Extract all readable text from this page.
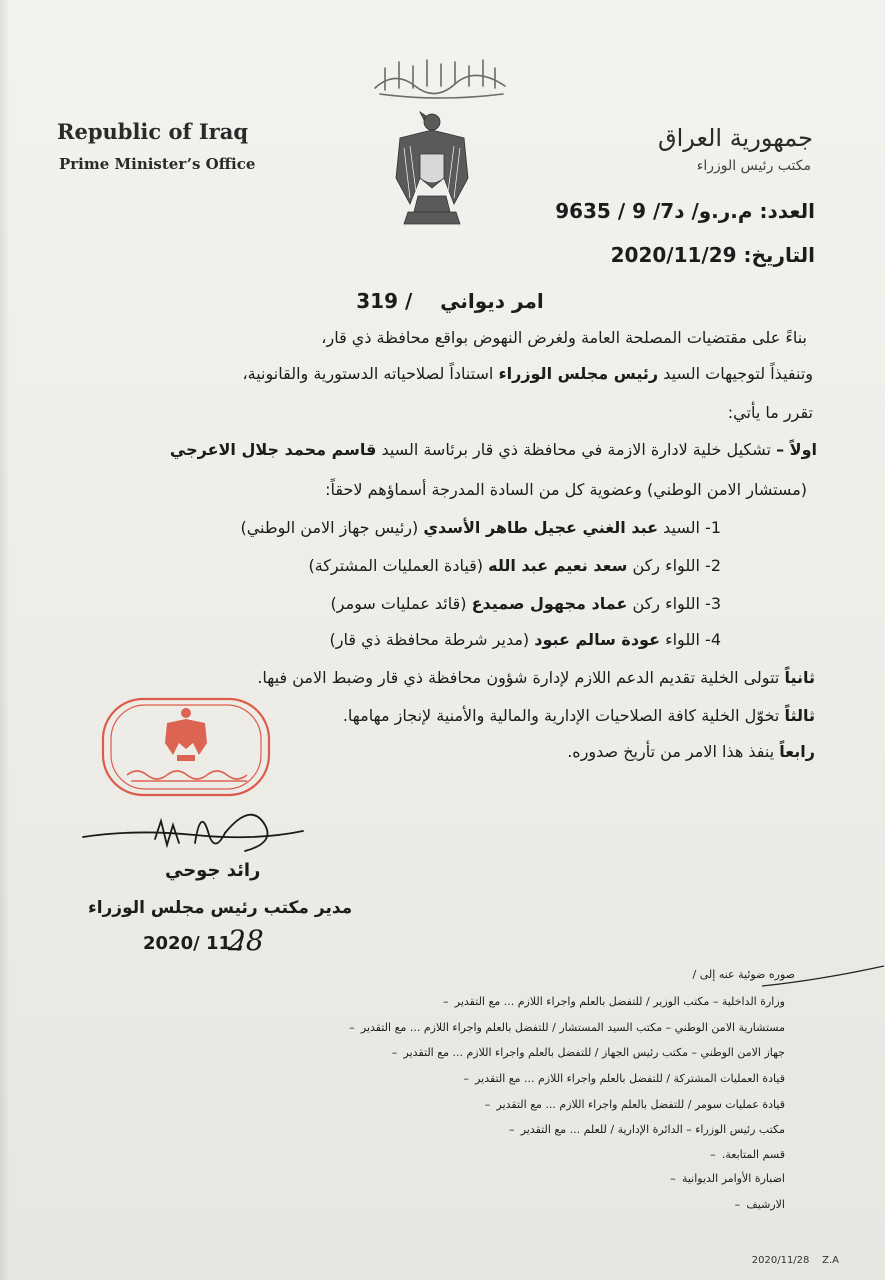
Republic of Iraq
Prime Minister’s Office
جمهورية العراق
مكتب رئيس الوزراء
العدد: م.ر.و/ د7/ 9 / 9635
التاريخ: 2020/11/29
امر ديواني    / 319
بناءً على مقتضيات المصلحة العامة ولغرض النهوض بواقع محافظة ذي قار،
وتنفيذاً لتوجيهات السيد رئيس مجلس الوزراء استناداً لصلاحياته الدستورية والقانونية،
تقرر ما يأتي:
اولاً – تشكيل خلية لادارة الازمة في محافظة ذي قار برئاسة السيد قاسم محمد جلال الاعرجي
(مستشار الامن الوطني) وعضوية كل من السادة المدرجة أسماؤهم لاحقاً:
1- السيد عبد الغني عجيل طاهر الأسدي (رئيس جهاز الامن الوطني)
2- اللواء ركن سعد نعيم عبد الله (قيادة العمليات المشتركة)
3- اللواء ركن عماد مجهول صميدع (قائد عمليات سومر)
4- اللواء عودة سالم عبود (مدير شرطة محافظة ذي قار)
ثانياً تتولى الخلية تقديم الدعم اللازم لإدارة شؤون محافظة ذي قار وضبط الامن فيها.
ثالثاً تخوّل الخلية كافة الصلاحيات الإدارية والمالية والأمنية لإنجاز مهامها.
رابعاً ينفذ هذا الامر من تأريخ صدوره.
رائد جوحي
مدير مكتب رئيس مجلس الوزراء
2020/ 11 /
28
صوره ضوئية عنه إلى /
وزارة الداخلية – مكتب الوزير / للتفضل بالعلم واجراء اللازم ... مع التقدير–
مستشارية الامن الوطني – مكتب السيد المستشار / للتفضل بالعلم واجراء اللازم ... مع التقدير–
جهاز الامن الوطني – مكتب رئيس الجهاز / للتفضل بالعلم واجراء اللازم ... مع التقدير–
قيادة العمليات المشتركة / للتفضل بالعلم واجراء اللازم ... مع التقدير–
قيادة عمليات سومر / للتفضل بالعلم واجراء اللازم ... مع التقدير–
مكتب رئيس الوزراء – الدائرة الإدارية / للعلم ... مع التقدير–
قسم المتابعة.–
اضبارة الأوامر الديوانية–
الارشيف–
2020/11/28 Z.A
